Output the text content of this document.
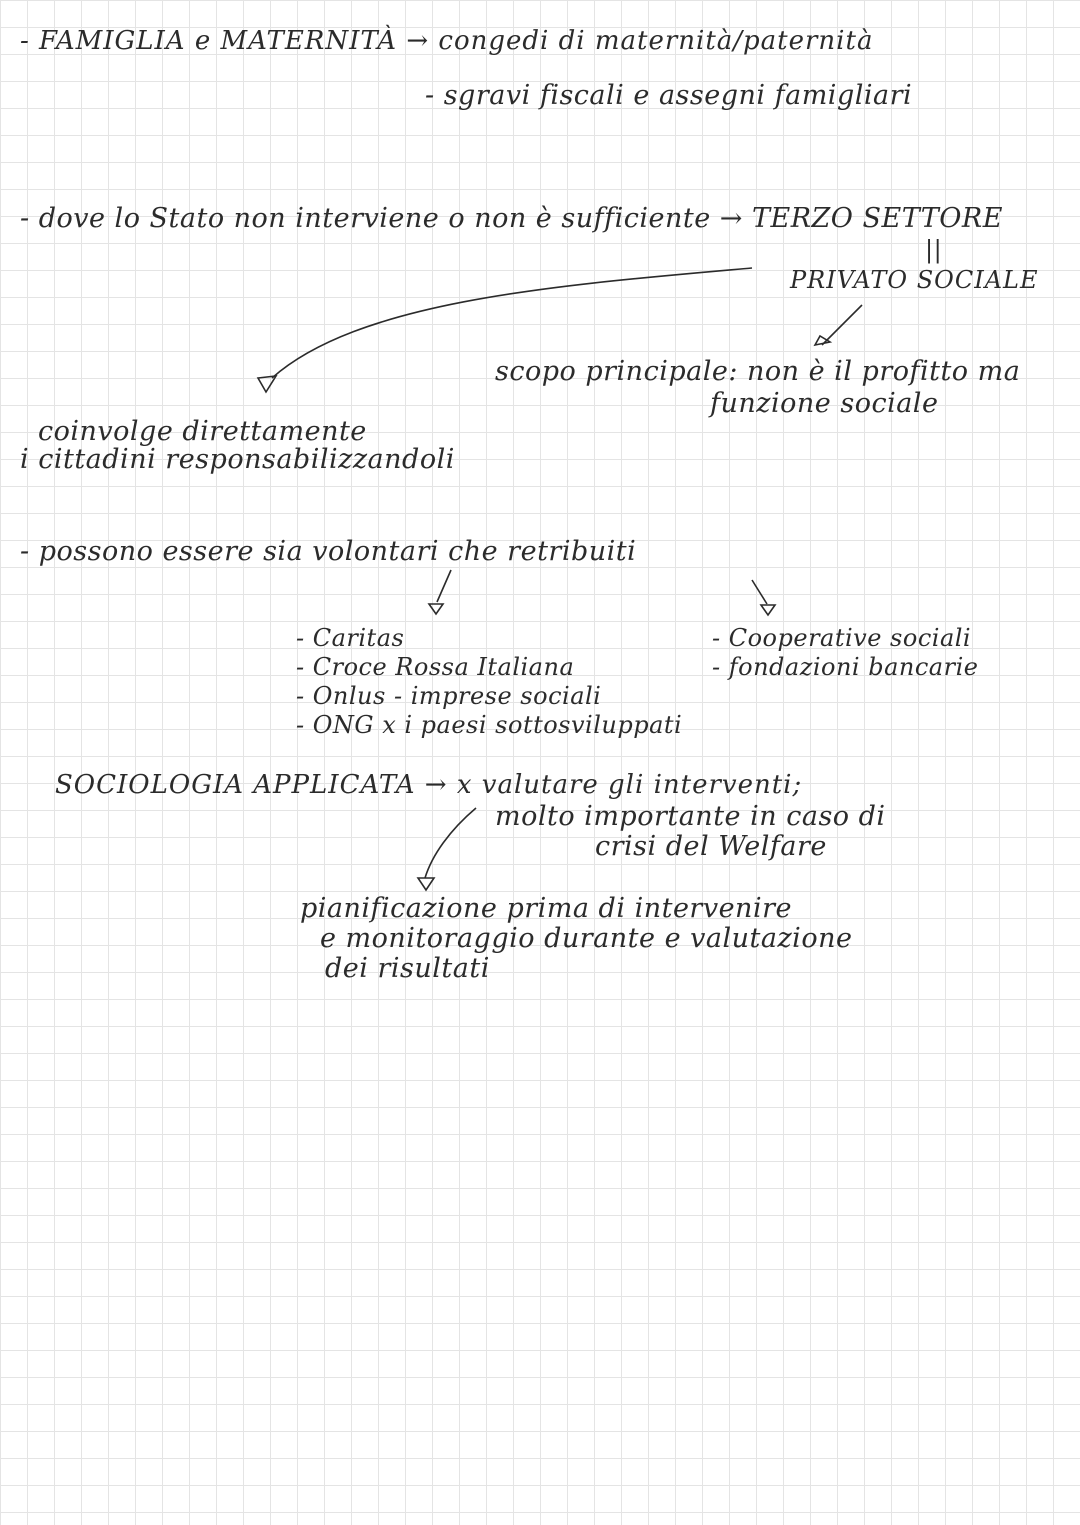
- FAMIGLIA e MATERNITÀ → congedi di maternità/paternità
- sgravi fiscali e assegni famigliari
- dove lo Stato non interviene o non è sufficiente → TERZO SETTORE
||
PRIVATO SOCIALE
scopo principale: non è il profitto ma
funzione sociale
coinvolge direttamente
i cittadini responsabilizzandoli
- possono essere sia volontari che retribuiti
- Caritas
- Croce Rossa Italiana
- Onlus - imprese sociali
- ONG x i paesi sottosviluppati
- Cooperative sociali
- fondazioni bancarie
SOCIOLOGIA APPLICATA → x valutare gli interventi;
molto importante in caso di
crisi del Welfare
pianificazione prima di intervenire
e monitoraggio durante e valutazione
dei risultati
